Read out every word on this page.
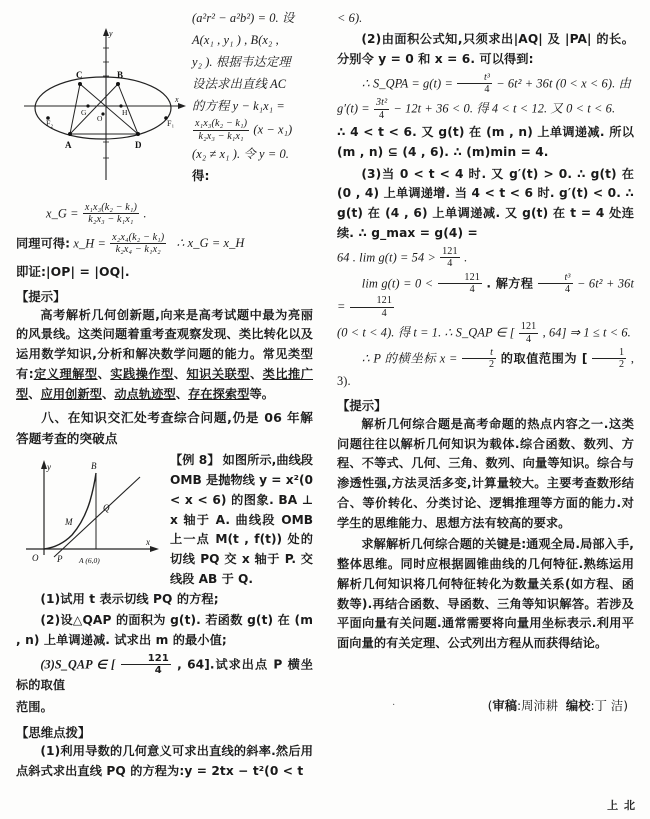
C	B
A	D
G	H
O
F₁
F₂
y
x
(a²r² − a²b²) = 0. 设
A(x₁ , y₁ ) , B(x₂ ,
y₂ ). 根据韦达定理
设法求出直线 AC
的方程 y − k₁x₁ =
$\frac{\text{x₁x₃(k₂ − k₁)}}{\text{k₂x₃ − k₁x₁}} (x - x_1)$
(x₂ ≠ x₁ ). 令 y = 0.
得:
x_G = $\frac{\text{x₁x₃(k₂ − k₁)}}{\text{k₂x₃ − k₁x₁}}$ .
同理可得: x_H = $\frac{\text{x₂x₄(k₂ − k₁)}}{\text{k₂x₄ − k₁x₂}}$ ∴ x_G = x_H
即证:|OP| = |OQ|.
【提示】

高考解析几何创新题,向来是高考试题中最为亮丽的风景线。这类问题着重考查观察发现、类比转化以及运用数学知识,分析和解决数学问题的能力。常见类型有:定义理解型、实践操作型、知识关联型、类比推广型、应用创新型、动点轨迹型、存在探索型等。

八、在知识交汇处考查综合问题,仍是 06 年解答题考查的突破点

y
x
O P A (6,0)
M
Q
B	【例 8】 如图所示,曲线段 OMB 是抛物线 y = x²(0 < x < 6) 的图象. BA ⊥ x 轴于 A. 曲线段 OMB 上一点 M(t , f(t)) 处的切线 PQ 交 x 轴于 P. 交线段 AB 于 Q.

(1)试用 t 表示切线 PQ 的方程;

(2)设△QAP 的面积为 g(t). 若函数 g(t) 在 (m , n) 上单调递减. 试求出 m 的最小值;

(3)S_QAP ∈ [ $\frac{121}{4}$ , 64].试求出点 P 横坐标的取值

范围。

【思维点拨】

(1)利用导数的几何意义可求出直线的斜率.然后用点斜式求出直线 PQ 的方程为:y = 2tx − t²(0 < t

< 6).

(2)由面积公式知,只须求出|AQ| 及 |PA| 的长。分别令 y = 0 和 x = 6. 可以得到:

∴ S_QPA = $g(t) = \frac{\text{t³}}{4} - 6t^2 + 36t$ (0 < x < 6). 由

$g'(t) = \frac{\text{3t²}}{4} - 12t + 36 < 0$. 得 4 < t < 12. 又 0 < t < 6.

∴ 4 < t < 6. 又 g(t) 在 (m , n) 上单调递减. 所以 (m , n) ⊆ (4 , 6). ∴ (m)min = 4.

(3)当 0 < t < 4 时. 又 g′(t) > 0. ∴ g(t) 在 (0 , 4) 上单调递增. 当 4 < t < 6 时. g′(t) < 0. ∴ g(t) 在 (4 , 6) 上单调递减. 又 g(t) 在 t = 4 处连续. ∴ g_max = g(4) =

64 . $\lim g(t) = 54 > \frac{121}{4}$ .

$\lim g(t) = 0 < \frac{121}{4}$ . 解方程 $\frac{\text{t³}}{4} - 6t^2 + 36t = \frac{121}{4}$

(0 < t < 4). 得 t = 1. ∴ S_QAP ∈ [ $\frac{121}{4}$ , 64] ⇒ 1 ≤ t < 6.

∴ P 的横坐标 $x = \frac{t}{2}$ 的取值范围为 [ $\frac{1}{2}$ , 3).

【提示】

解析几何综合题是高考命题的热点内容之一.这类问题往往以解析几何知识为载体.综合函数、数列、方程、不等式、几何、三角、数列、向量等知识。综合与渗透性强,方法灵活多变,计算量较大。主要考查数形结合、等价转化、分类讨论、逻辑推理等方面的能力.对学生的思维能力、思想方法有较高的要求。

求解解析几何综合题的关键是:通观全局.局部入手,整体思维。同时应根据圆锥曲线的几何特征.熟练运用解析几何知识将几何特征转化为数量关系(如方程、函数等).再结合函数、导函数、三角等知识解答。若涉及平面向量有关问题.通常需要将向量用坐标表示.利用平面向量的有关定理、公式列出方程从而获得结论。

(审稿:周沛耕 编校:丁 洁)
·
上 北
